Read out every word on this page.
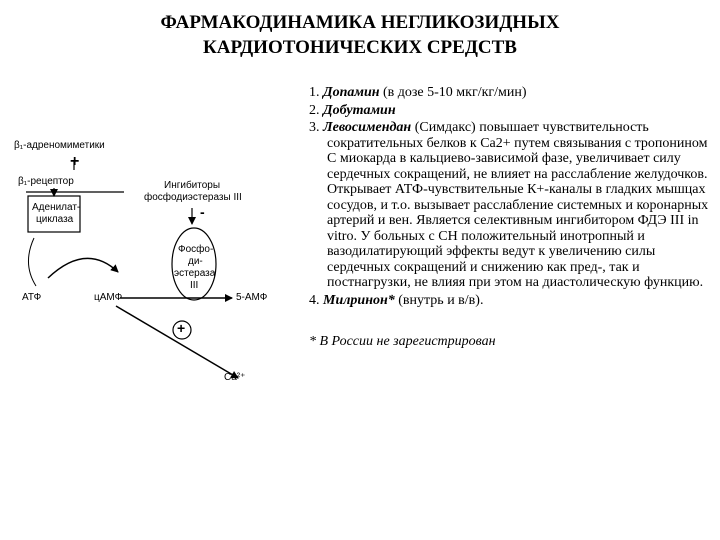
ФАРМАКОДИНАМИКА НЕГЛИКОЗИДНЫХ
КАРДИОТОНИЧЕСКИХ СРЕДСТВ
β₁-адреномиметики
+
β₁-рецептор
Аденилат-
циклаза
Ингибиторы
фосфодиэстеразы III
-
Фосфо-
ди-
эстераза
III
АТФ	цАМФ	5-АМФ
+
Ca²⁺

1. Допамин (в дозе 5-10 мкг/кг/мин)

2. Добутамин

3. Левосимендан (Симдакс) повышает чувствительность сократительных белков к Са2+ путем связывания с тропонином С миокарда в кальциево-зависимой фазе, увеличивает силу сердечных сокращений, не влияет на расслабление желудочков. Открывает АТФ-чувствительные К+-каналы в гладких мышцах сосудов, и т.о. вызывает расслабление системных и коронарных артерий и вен. Является селективным ингибитором ФДЭ III in vitro. У больных с СН положительный инотропный и вазодилатирующий эффекты ведут к увеличению силы сердечных сокращений и снижению как пред-, так и постнагрузки, не влияя при этом на диастолическую функцию.

4. Милринон* (внутрь и в/в).

* В России не зарегистрирован
